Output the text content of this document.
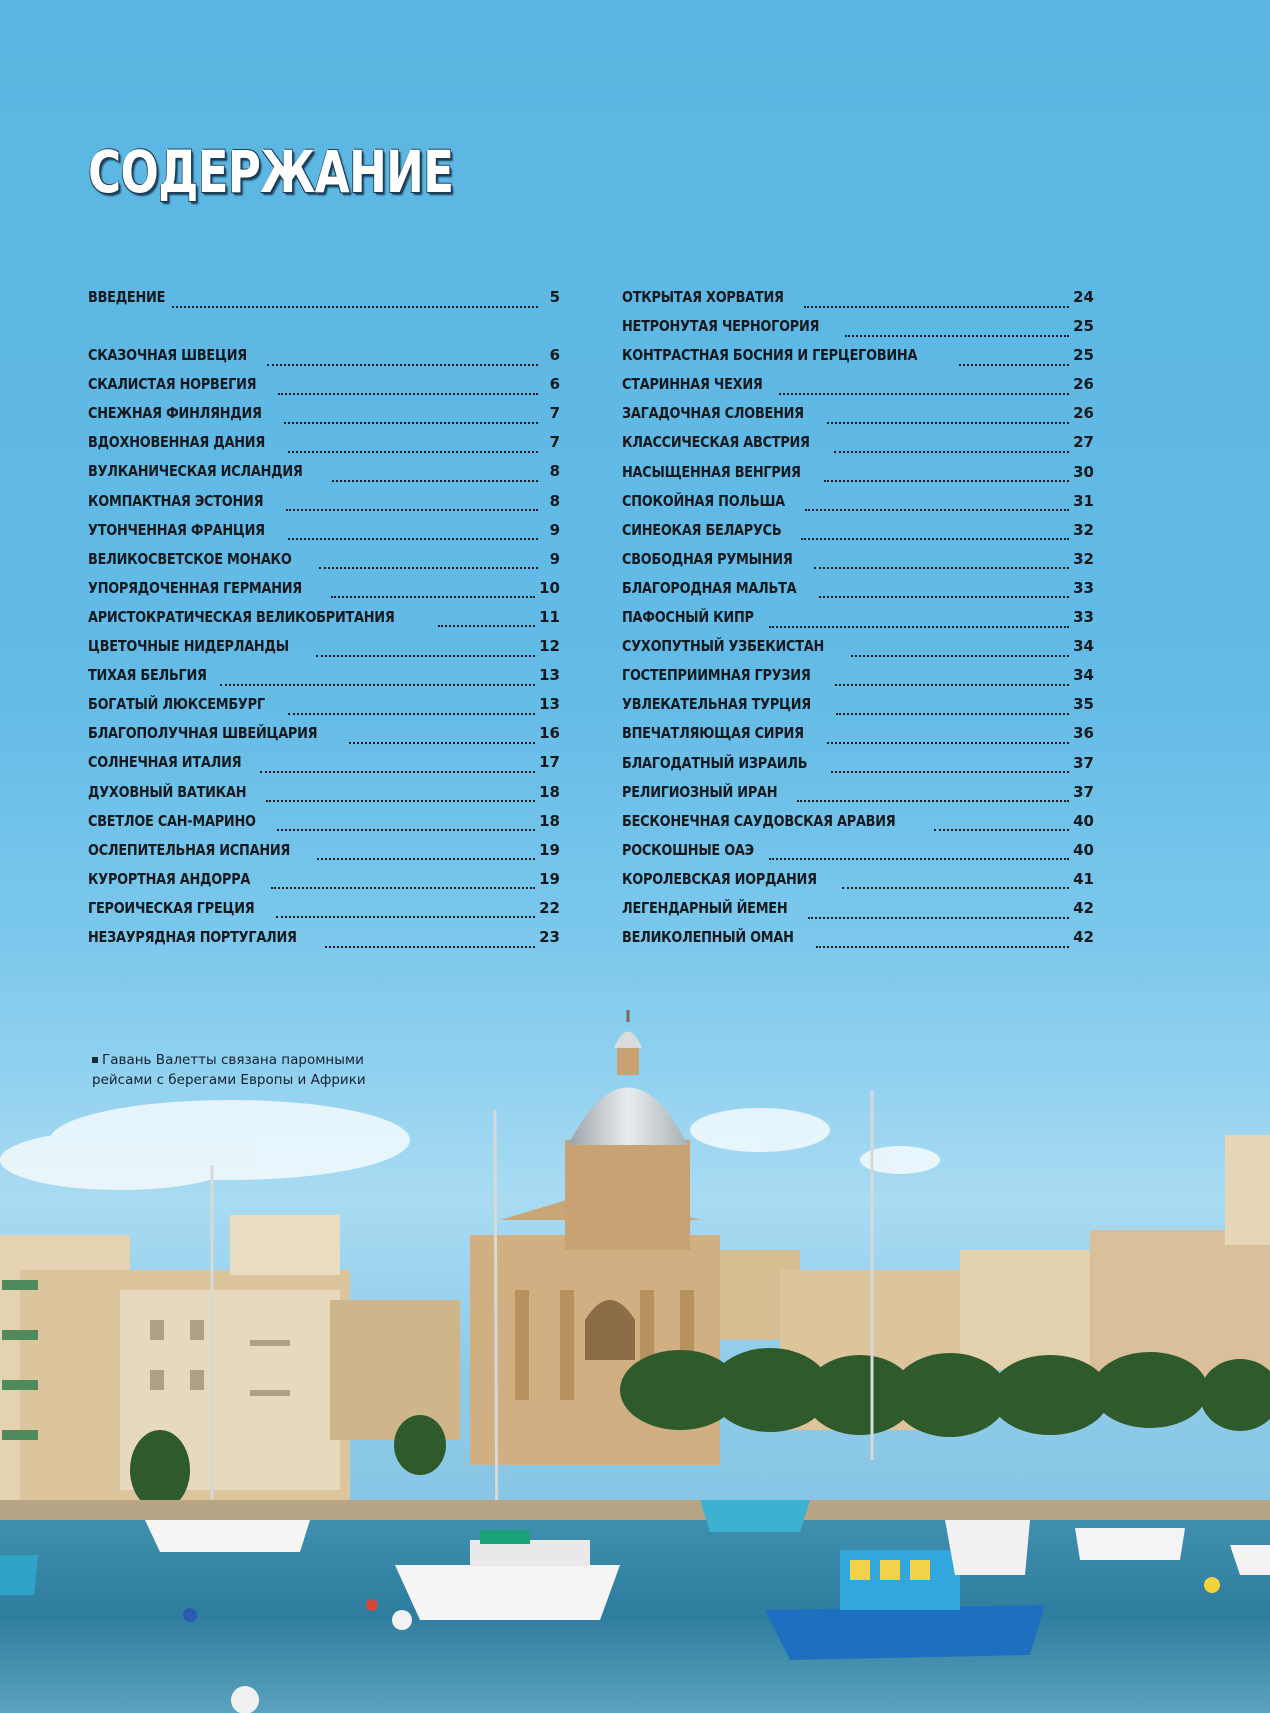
СОДЕРЖАНИЕ
ВВЕДЕНИЕ	5
СКАЗОЧНАЯ ШВЕЦИЯ	6
СКАЛИСТАЯ НОРВЕГИЯ	6
СНЕЖНАЯ ФИНЛЯНДИЯ	7
ВДОХНОВЕННАЯ ДАНИЯ	7
ВУЛКАНИЧЕСКАЯ ИСЛАНДИЯ	8
КОМПАКТНАЯ ЭСТОНИЯ	8
УТОНЧЕННАЯ ФРАНЦИЯ	9
ВЕЛИКОСВЕТСКОЕ МОНАКО	9
УПОРЯДОЧЕННАЯ ГЕРМАНИЯ	10
АРИСТОКРАТИЧЕСКАЯ ВЕЛИКОБРИТАНИЯ	11
ЦВЕТОЧНЫЕ НИДЕРЛАНДЫ	12
ТИХАЯ БЕЛЬГИЯ	13
БОГАТЫЙ ЛЮКСЕМБУРГ	13
БЛАГОПОЛУЧНАЯ ШВЕЙЦАРИЯ	16
СОЛНЕЧНАЯ ИТАЛИЯ	17
ДУХОВНЫЙ ВАТИКАН	18
СВЕТЛОЕ САН-МАРИНО	18
ОСЛЕПИТЕЛЬНАЯ ИСПАНИЯ	19
КУРОРТНАЯ АНДОРРА	19
ГЕРОИЧЕСКАЯ ГРЕЦИЯ	22
НЕЗАУРЯДНАЯ ПОРТУГАЛИЯ	23
ОТКРЫТАЯ ХОРВАТИЯ	24
НЕТРОНУТАЯ ЧЕРНОГОРИЯ	25
КОНТРАСТНАЯ БОСНИЯ И ГЕРЦЕГОВИНА	25
СТАРИННАЯ ЧЕХИЯ	26
ЗАГАДОЧНАЯ СЛОВЕНИЯ	26
КЛАССИЧЕСКАЯ АВСТРИЯ	27
НАСЫЩЕННАЯ ВЕНГРИЯ	30
СПОКОЙНАЯ ПОЛЬША	31
СИНЕОКАЯ БЕЛАРУСЬ	32
СВОБОДНАЯ РУМЫНИЯ	32
БЛАГОРОДНАЯ МАЛЬТА	33
ПАФОСНЫЙ КИПР	33
СУХОПУТНЫЙ УЗБЕКИСТАН	34
ГОСТЕПРИИМНАЯ ГРУЗИЯ	34
УВЛЕКАТЕЛЬНАЯ ТУРЦИЯ	35
ВПЕЧАТЛЯЮЩАЯ СИРИЯ	36
БЛАГОДАТНЫЙ ИЗРАИЛЬ	37
РЕЛИГИОЗНЫЙ ИРАН	37
БЕСКОНЕЧНАЯ САУДОВСКАЯ АРАВИЯ	40
РОСКОШНЫЕ ОАЭ	40
КОРОЛЕВСКАЯ ИОРДАНИЯ	41
ЛЕГЕНДАРНЫЙ ЙЕМЕН	42
ВЕЛИКОЛЕПНЫЙ ОМАН	42
Гавань Валетты связана паромными
рейсами с берегами Европы и Африки
